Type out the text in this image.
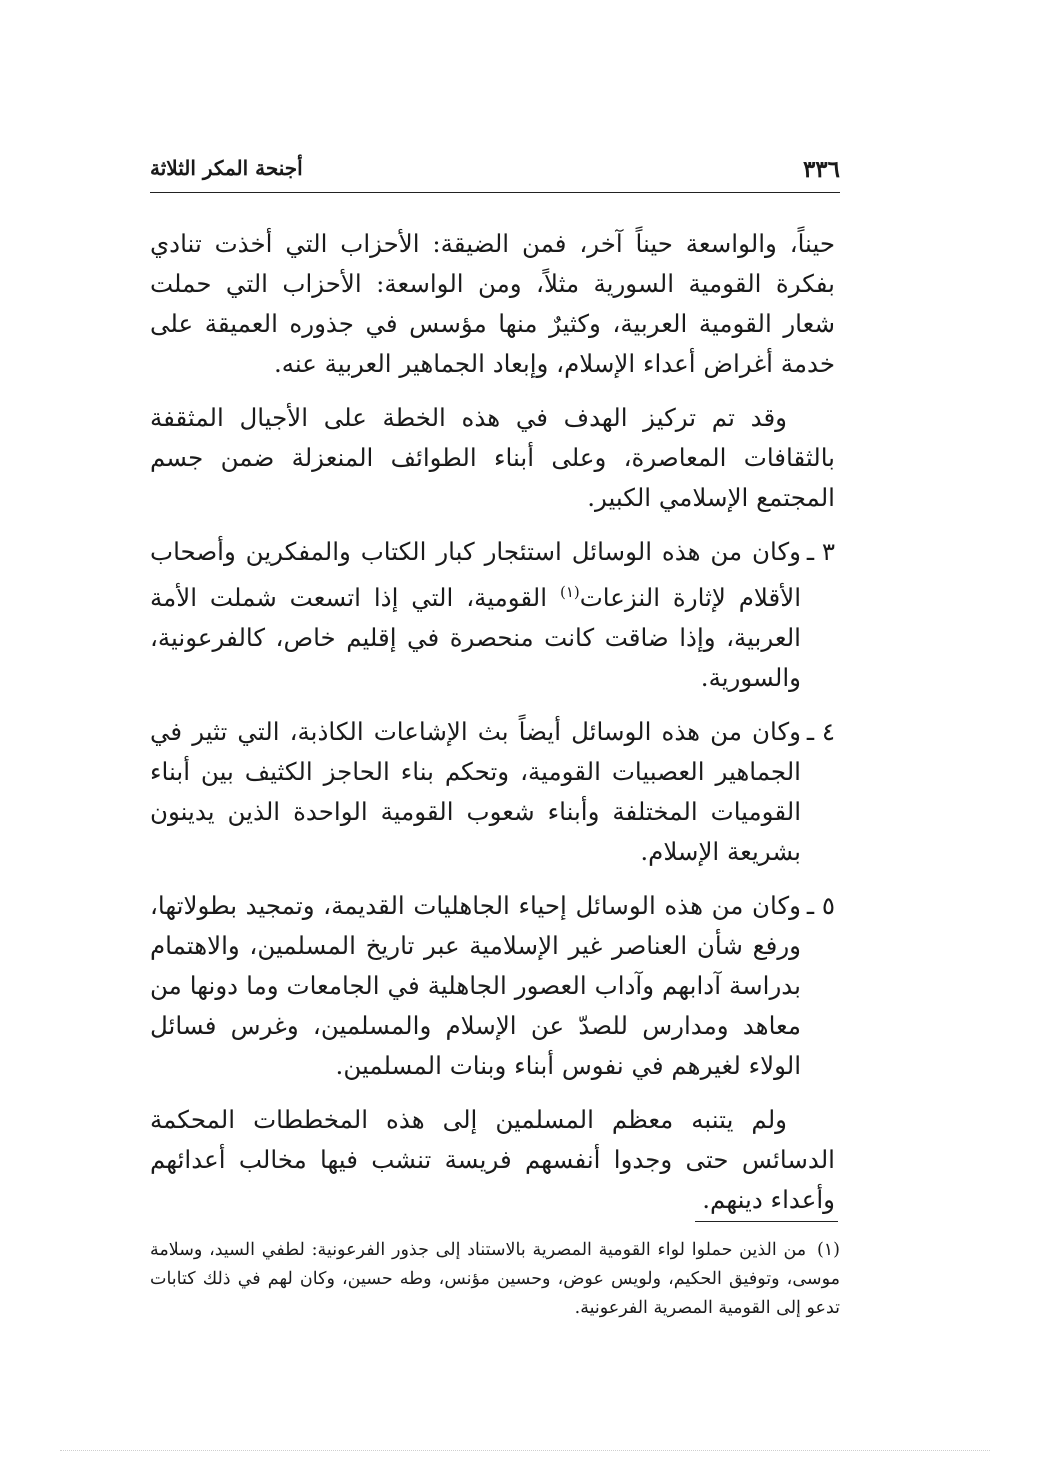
٣٣٦
أجنحة المكر الثلاثة

حيناً، والواسعة حيناً آخر، فمن الضيقة: الأحزاب التي أخذت تنادي بفكرة القومية السورية مثلاً، ومن الواسعة: الأحزاب التي حملت شعار القومية العربية، وكثيرٌ منها مؤسس في جذوره العميقة على خدمة أغراض أعداء الإسلام، وإبعاد الجماهير العربية عنه.

وقد تم تركيز الهدف في هذه الخطة على الأجيال المثقفة بالثقافات المعاصرة، وعلى أبناء الطوائف المنعزلة ضمن جسم المجتمع الإسلامي الكبير.

٣ ـ
وكان من هذه الوسائل استئجار كبار الكتاب والمفكرين وأصحاب الأقلام لإثارة النزعات$^{(١)}$ القومية، التي إذا اتسعت شملت الأمة العربية، وإذا ضاقت كانت منحصرة في إقليم خاص، كالفرعونية، والسورية.
٤ ـ
وكان من هذه الوسائل أيضاً بث الإشاعات الكاذبة، التي تثير في الجماهير العصبيات القومية، وتحكم بناء الحاجز الكثيف بين أبناء القوميات المختلفة وأبناء شعوب القومية الواحدة الذين يدينون بشريعة الإسلام.
٥ ـ
وكان من هذه الوسائل إحياء الجاهليات القديمة، وتمجيد بطولاتها، ورفع شأن العناصر غير الإسلامية عبر تاريخ المسلمين، والاهتمام بدراسة آدابهم وآداب العصور الجاهلية في الجامعات وما دونها من معاهد ومدارس للصدّ عن الإسلام والمسلمين، وغرس فسائل الولاء لغيرهم في نفوس أبناء وبنات المسلمين.

ولم يتنبه معظم المسلمين إلى هذه المخططات المحكمة الدسائس حتى وجدوا أنفسهم فريسة تنشب فيها مخالب أعدائهم وأعداء دينهم.

(١) من الذين حملوا لواء القومية المصرية بالاستناد إلى جذور الفرعونية: لطفي السيد، وسلامة موسى، وتوفيق الحكيم، ولويس عوض، وحسين مؤنس، وطه حسين، وكان لهم في ذلك كتابات تدعو إلى القومية المصرية الفرعونية.
